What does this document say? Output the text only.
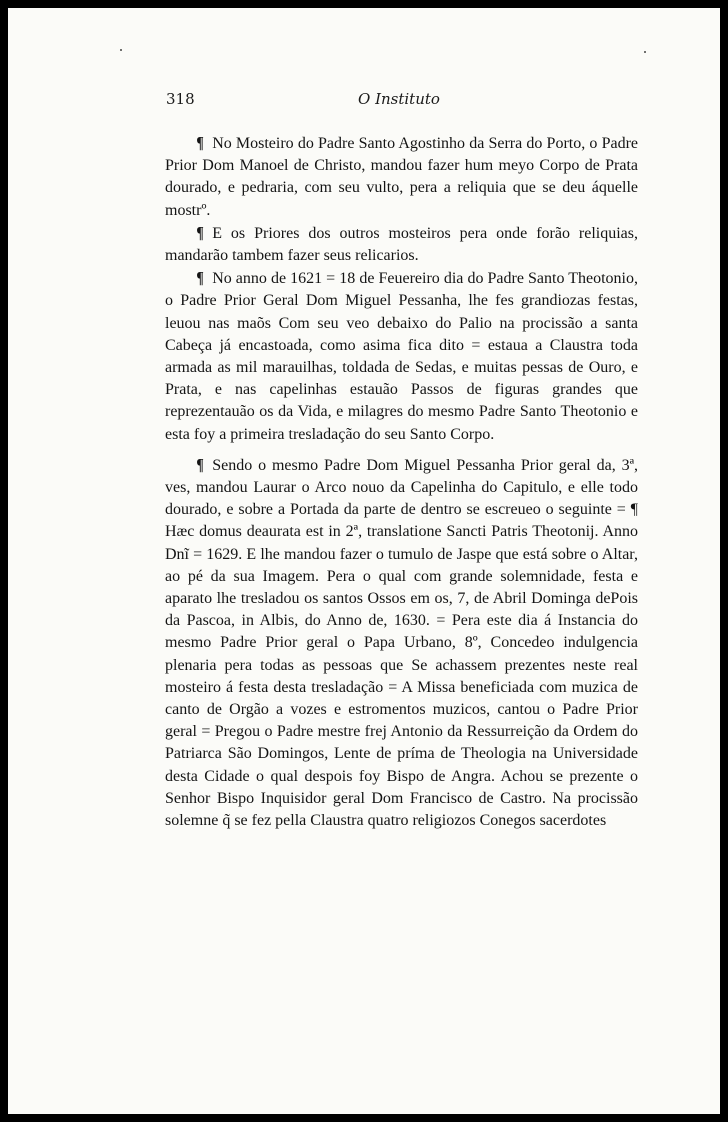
318	O Instituto

¶ No Mosteiro do Padre Santo Agostinho da Serra do Porto, o Padre Prior Dom Manoel de Christo, mandou fazer hum meyo Corpo de Prata dourado, e pedraria, com seu vulto, pera a reliquia que se deu áquelle mostrº.

¶ E os Priores dos outros mosteiros pera onde forão reliquias, mandarão tambem fazer seus relicarios.

¶ No anno de 1621 = 18 de Feuereiro dia do Padre Santo Theotonio, o Padre Prior Geral Dom Miguel Pessanha, lhe fes grandiozas festas, leuou nas maõs Com seu veo debaixo do Palio na procissão a santa Cabeça já encastoada, como asima fica dito = estaua a Claustra toda armada as mil marauilhas, toldada de Sedas, e muitas pessas de Ouro, e Prata, e nas capelinhas estauão Passos de figuras grandes que reprezentauão os da Vida, e milagres do mesmo Padre Santo Theotonio e esta foy a primeira tresladação do seu Santo Corpo.

¶ Sendo o mesmo Padre Dom Miguel Pessanha Prior geral da, 3ª, ves, mandou Laurar o Arco nouo da Capelinha do Capitulo, e elle todo dourado, e sobre a Portada da parte de dentro se escreueo o seguinte = ¶ Hæc domus deaurata est in 2ª, translatione Sancti Patris Theotonij. Anno Dnĩ = 1629. E lhe mandou fazer o tumulo de Jaspe que está sobre o Altar, ao pé da sua Imagem. Pera o qual com grande solemnidade, festa e aparato lhe tresladou os santos Ossos em os, 7, de Abril Dominga dePois da Pascoa, in Albis, do Anno de, 1630. = Pera este dia á Instancia do mesmo Padre Prior geral o Papa Urbano, 8º, Concedeo indulgencia plenaria pera todas as pessoas que Se achassem prezentes neste real mosteiro á festa desta tresladação = A Missa beneficiada com muzica de canto de Orgão a vozes e estromentos muzicos, cantou o Padre Prior geral = Pregou o Padre mestre frej Antonio da Ressurreição da Ordem do Patriarca São Domingos, Lente de príma de Theologia na Universidade desta Cidade o qual despois foy Bispo de Angra. Achou se prezente o Senhor Bispo Inquisidor geral Dom Francisco de Castro. Na procissão solemne q̃ se fez pella Claustra quatro religiozos Conegos sacerdotes
